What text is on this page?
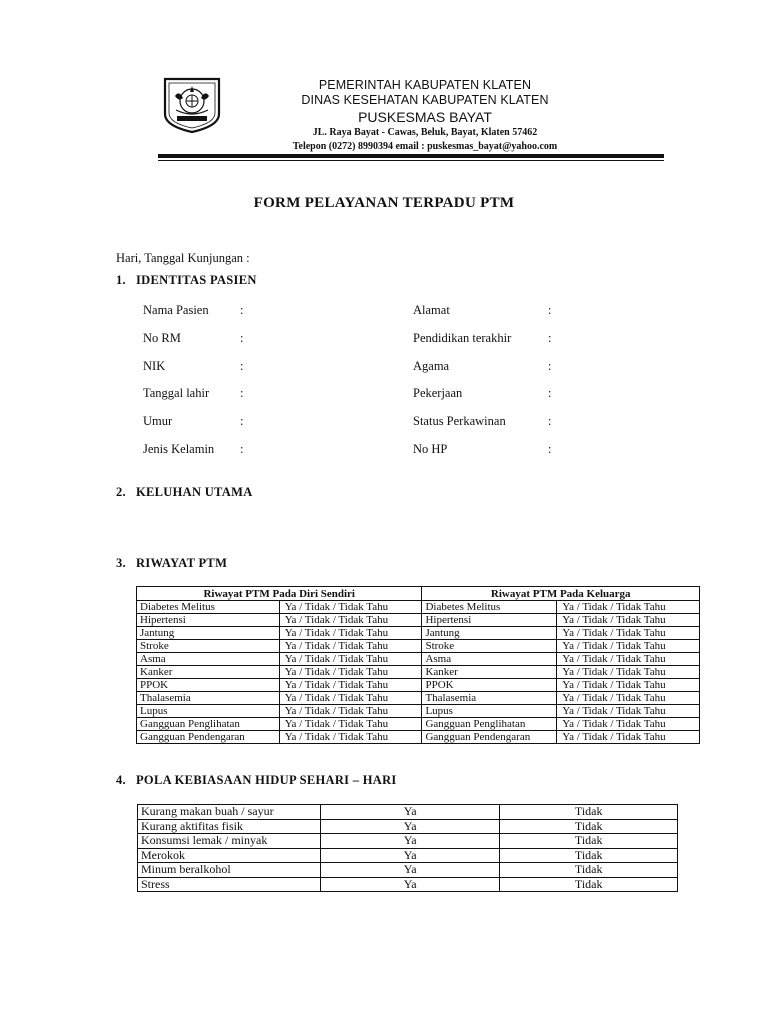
PEMERINTAH KABUPATEN KLATEN
DINAS KESEHATAN KABUPATEN KLATEN
PUSKESMAS BAYAT
JL. Raya Bayat - Cawas, Beluk, Bayat, Klaten 57462
Telepon (0272) 8990394 email : puskesmas_bayat@yahoo.com
FORM PELAYANAN TERPADU PTM
Hari, Tanggal Kunjungan :
1. IDENTITAS PASIEN
Nama Pasien	:	Alamat	:
No RM	:	Pendidikan terakhir	:
NIK	:	Agama	:
Tanggal lahir :	Pekerjaan	:
Umur	:	Status Perkawinan	:
Jenis Kelamin :	No HP	:
2. KELUHAN UTAMA
3. RIWAYAT PTM
Riwayat PTM Pada Diri Sendiri		Riwayat PTM Pada Keluarga	
Diabetes Melitus	Ya / Tidak / Tidak Tahu	Diabetes Melitus	Ya / Tidak / Tidak Tahu
Hipertensi	Ya / Tidak / Tidak Tahu	Hipertensi	Ya / Tidak / Tidak Tahu
Jantung	Ya / Tidak / Tidak Tahu	Jantung	Ya / Tidak / Tidak Tahu
Stroke	Ya / Tidak / Tidak Tahu	Stroke	Ya / Tidak / Tidak Tahu
Asma	Ya / Tidak / Tidak Tahu	Asma	Ya / Tidak / Tidak Tahu
Kanker	Ya / Tidak / Tidak Tahu	Kanker	Ya / Tidak / Tidak Tahu
PPOK	Ya / Tidak / Tidak Tahu	PPOK	Ya / Tidak / Tidak Tahu
Thalasemia	Ya / Tidak / Tidak Tahu	Thalasemia	Ya / Tidak / Tidak Tahu
Lupus	Ya / Tidak / Tidak Tahu	Lupus	Ya / Tidak / Tidak Tahu
Gangguan Penglihatan	Ya / Tidak / Tidak Tahu	Gangguan Penglihatan	Ya / Tidak / Tidak Tahu
Gangguan Pendengaran	Ya / Tidak / Tidak Tahu	Gangguan Pendengaran	Ya / Tidak / Tidak Tahu
4. POLA KEBIASAAN HIDUP SEHARI – HARI
Kurang makan buah / sayur	Ya	Tidak
Kurang aktifitas fisik	Ya	Tidak
Konsumsi lemak / minyak	Ya	Tidak
Merokok	Ya	Tidak
Minum beralkohol	Ya	Tidak
Stress	Ya	Tidak
